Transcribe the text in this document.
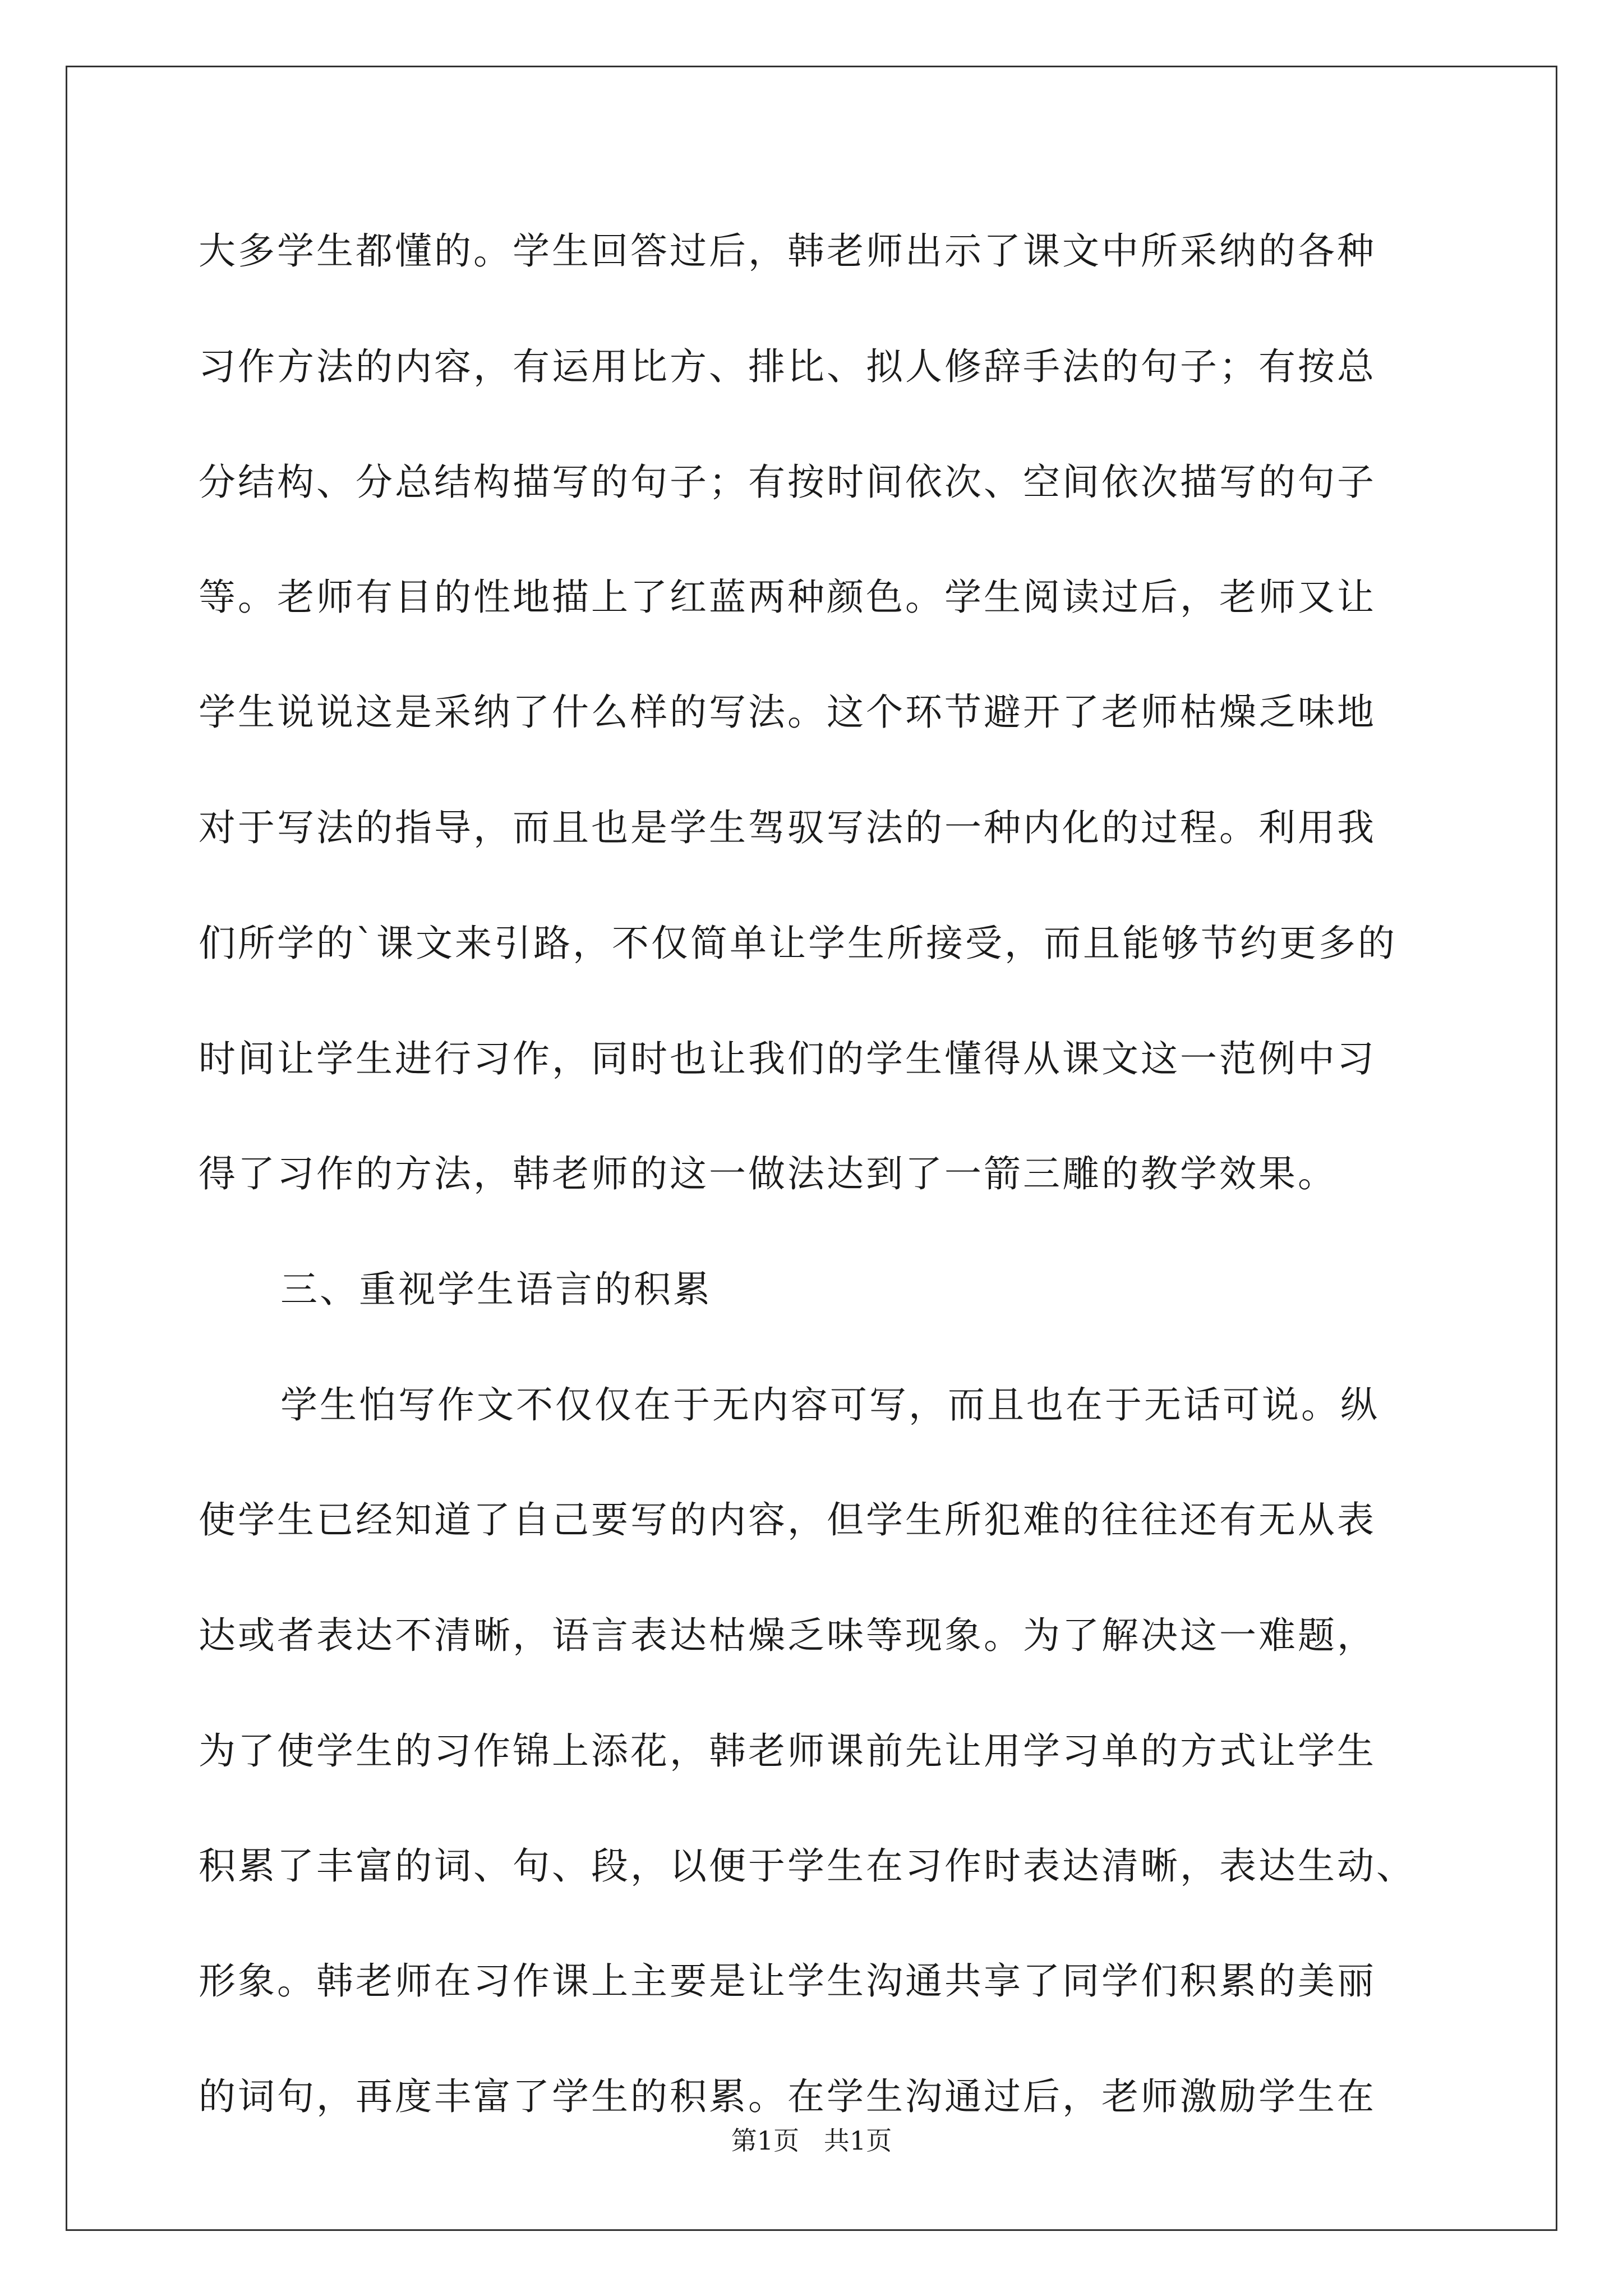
大多学生都懂的。学生回答过后，韩老师出示了课文中所采纳的各种
习作方法的内容，有运用比方、排比、拟人修辞手法的句子；有按总
分结构、分总结构描写的句子；有按时间依次、空间依次描写的句子
等。老师有目的性地描上了红蓝两种颜色。学生阅读过后，老师又让
学生说说这是采纳了什么样的写法。这个环节避开了老师枯燥乏味地
对于写法的指导，而且也是学生驾驭写法的一种内化的过程。利用我
们所学的`课文来引路，不仅简单让学生所接受，而且能够节约更多的
时间让学生进行习作，同时也让我们的学生懂得从课文这一范例中习
得了习作的方法，韩老师的这一做法达到了一箭三雕的教学效果。
三、重视学生语言的积累
学生怕写作文不仅仅在于无内容可写，而且也在于无话可说。纵
使学生已经知道了自己要写的内容，但学生所犯难的往往还有无从表
达或者表达不清晰，语言表达枯燥乏味等现象。为了解决这一难题，
为了使学生的习作锦上添花，韩老师课前先让用学习单的方式让学生
积累了丰富的词、句、段，以便于学生在习作时表达清晰，表达生动、
形象。韩老师在习作课上主要是让学生沟通共享了同学们积累的美丽
的词句，再度丰富了学生的积累。在学生沟通过后，老师激励学生在
第1页   共1页
